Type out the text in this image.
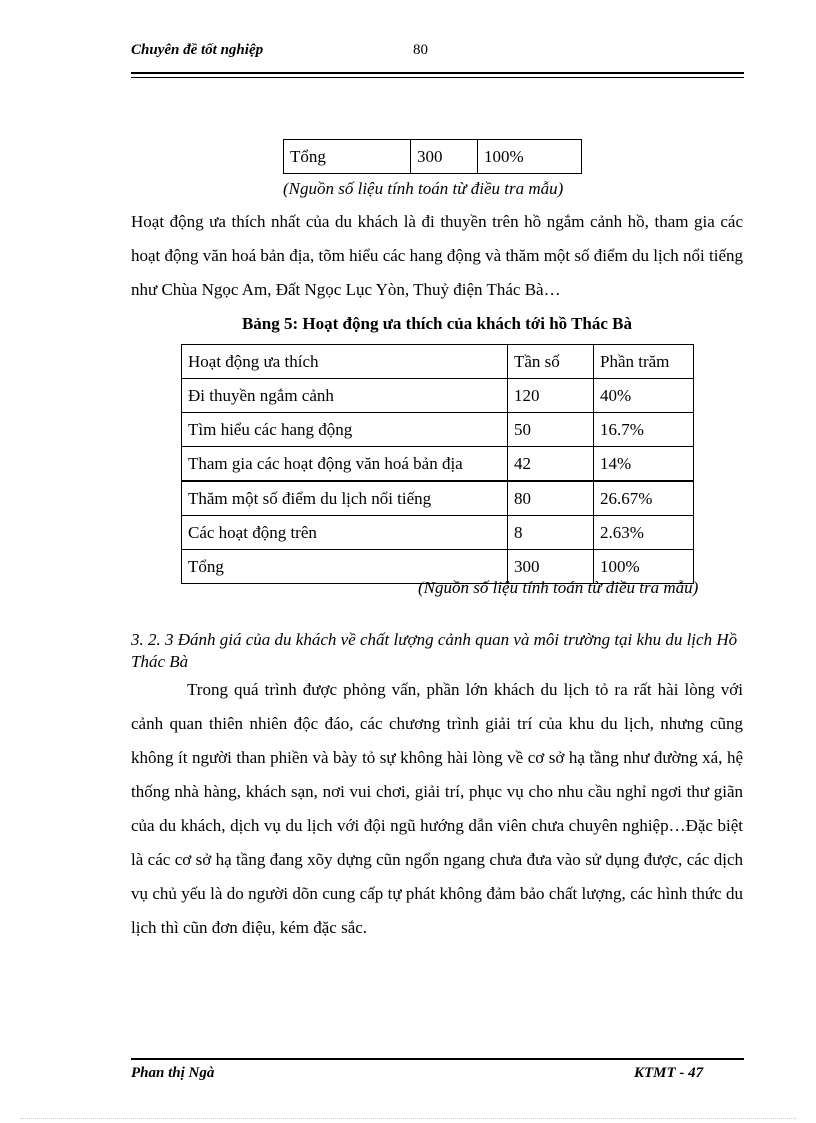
Chuyên đề tốt nghiệp	80
Tổng	300	100%
(Nguồn số liệu tính toán từ điều tra mẫu)
Hoạt động ưa thích nhất của du khách là đi thuyền trên hồ ngắm cảnh hồ, tham gia các hoạt động văn hoá bản địa, tõm hiểu các hang động và thăm một số điểm du lịch nổi tiếng như Chùa Ngọc Am, Đất Ngọc Lục Yòn, Thuỷ điện Thác Bà…
Bảng 5: Hoạt động ưa thích của khách tới hồ Thác Bà
Hoạt động ưa thích	Tần số	Phần trăm
Đi thuyền ngắm cảnh	120	40%
Tìm hiểu các hang động	50	16.7%
Tham gia các hoạt động văn hoá bản địa	42	14%
Thăm một số điểm du lịch nổi tiếng	80	26.67%
Các hoạt động trên	8	2.63%
Tổng	300	100%
(Nguồn số liệu tính toán từ điều tra mẫu)
3. 2. 3 Đánh giá của du khách về chất lượng cảnh quan và môi trường tại khu du lịch Hồ Thác Bà
Trong quá trình được phỏng vấn, phần lớn khách du lịch tỏ ra rất hài lòng với cảnh quan thiên nhiên độc đáo, các chương trình giải trí của khu du lịch, nhưng cũng không ít người than phiền và bày tỏ sự không hài lòng về cơ sở hạ tầng như đường xá, hệ thống nhà hàng, khách sạn, nơi vui chơi, giải trí, phục vụ cho nhu cầu nghỉ ngơi thư giãn của du khách, dịch vụ du lịch với đội ngũ hướng dẫn viên chưa chuyên nghiệp…Đặc biệt là các cơ sở hạ tầng đang xõy dựng cũn ngổn ngang chưa đưa vào sử dụng được, các dịch vụ chủ yếu là do người dõn cung cấp tự phát không đảm bảo chất lượng, các hình thức du lịch thì cũn đơn điệu, kém đặc sắc.
Phan thị Ngà	KTMT - 47
